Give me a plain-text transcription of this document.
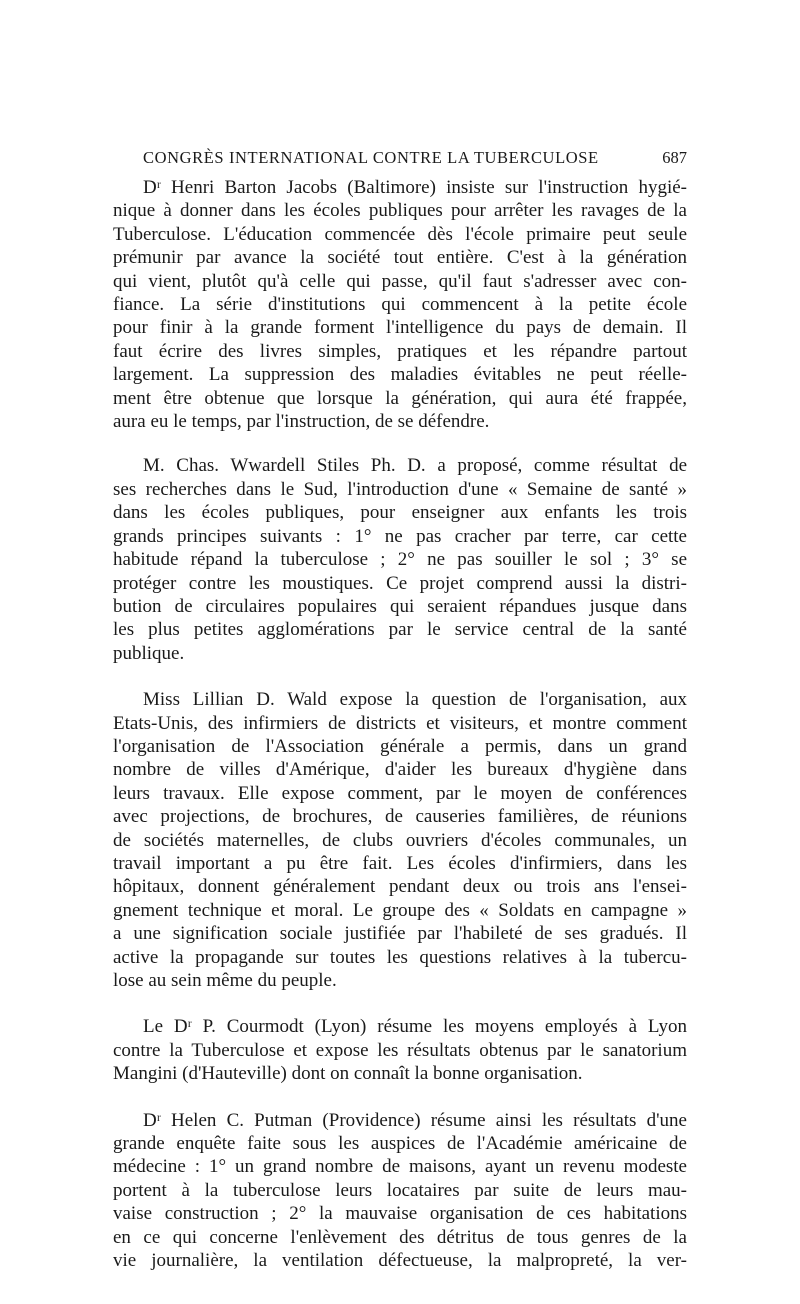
CONGRÈS INTERNATIONAL CONTRE LA TUBERCULOSE	687
Dʳ Henri Barton Jacobs (Baltimore) insiste sur l'instruction hygié-
nique à donner dans les écoles publiques pour arrêter les ravages de la
Tuberculose. L'éducation commencée dès l'école primaire peut seule
prémunir par avance la société tout entière. C'est à la génération
qui vient, plutôt qu'à celle qui passe, qu'il faut s'adresser avec con-
fiance. La série d'institutions qui commencent à la petite école
pour finir à la grande forment l'intelligence du pays de demain. Il
faut écrire des livres simples, pratiques et les répandre partout
largement. La suppression des maladies évitables ne peut réelle-
ment être obtenue que lorsque la génération, qui aura été frappée,
aura eu le temps, par l'instruction, de se défendre.
M. Chas. Wwardell Stiles Ph. D. a proposé, comme résultat de
ses recherches dans le Sud, l'introduction d'une « Semaine de santé »
dans les écoles publiques, pour enseigner aux enfants les trois
grands principes suivants : 1° ne pas cracher par terre, car cette
habitude répand la tuberculose ; 2° ne pas souiller le sol ; 3° se
protéger contre les moustiques. Ce projet comprend aussi la distri-
bution de circulaires populaires qui seraient répandues jusque dans
les plus petites agglomérations par le service central de la santé
publique.
Miss Lillian D. Wald expose la question de l'organisation, aux
Etats-Unis, des infirmiers de districts et visiteurs, et montre comment
l'organisation de l'Association générale a permis, dans un grand
nombre de villes d'Amérique, d'aider les bureaux d'hygiène dans
leurs travaux. Elle expose comment, par le moyen de conférences
avec projections, de brochures, de causeries familières, de réunions
de sociétés maternelles, de clubs ouvriers d'écoles communales, un
travail important a pu être fait. Les écoles d'infirmiers, dans les
hôpitaux, donnent généralement pendant deux ou trois ans l'ensei-
gnement technique et moral. Le groupe des « Soldats en campagne »
a une signification sociale justifiée par l'habileté de ses gradués. Il
active la propagande sur toutes les questions relatives à la tubercu-
lose au sein même du peuple.
Le Dʳ P. Courmodt (Lyon) résume les moyens employés à Lyon
contre la Tuberculose et expose les résultats obtenus par le sanatorium
Mangini (d'Hauteville) dont on connaît la bonne organisation.
Dʳ Helen C. Putman (Providence) résume ainsi les résultats d'une
grande enquête faite sous les auspices de l'Académie américaine de
médecine : 1° un grand nombre de maisons, ayant un revenu modeste
portent à la tuberculose leurs locataires par suite de leurs mau-
vaise construction ; 2° la mauvaise organisation de ces habitations
en ce qui concerne l'enlèvement des détritus de tous genres de la
vie journalière, la ventilation défectueuse, la malpropreté, la ver-
